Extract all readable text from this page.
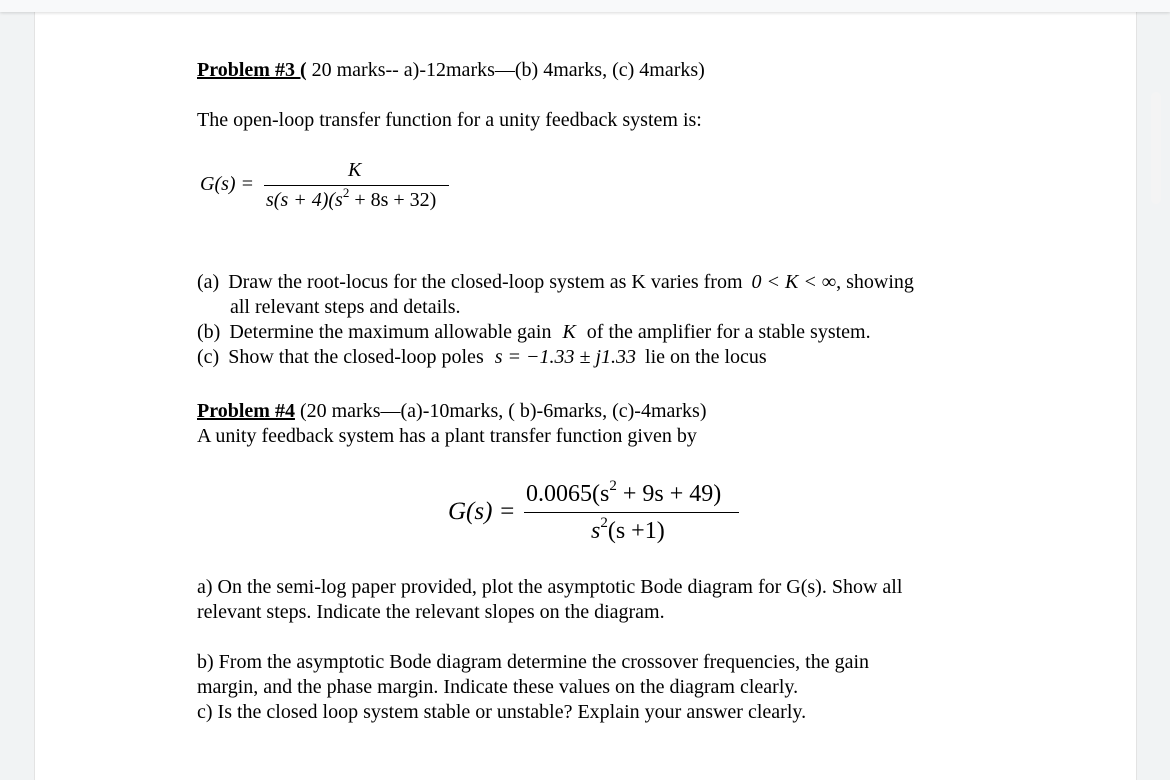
Problem #3 ( 20 marks-- a)-12marks—(b) 4marks, (c) 4marks)
The open-loop transfer function for a unity feedback system is:
G(s) =
K
$s(s + 4)(s^2 + 8s + 32)$
(a) Draw the root-locus for the closed-loop system as K varies from 0 < K < ∞, showing
all relevant steps and details.
(b) Determine the maximum allowable gain K of the amplifier for a stable system.
(c) Show that the closed-loop poles s = −1.33 ± j1.33 lie on the locus
Problem #4 (20 marks—(a)-10marks, ( b)-6marks, (c)-4marks)
A unity feedback system has a plant transfer function given by
G(s) =
$0.0065(s^2 + 9s + 49)$
$s^2(s +1)$
a) On the semi-log paper provided, plot the asymptotic Bode diagram for G(s). Show all
relevant steps. Indicate the relevant slopes on the diagram.
b) From the asymptotic Bode diagram determine the crossover frequencies, the gain
margin, and the phase margin. Indicate these values on the diagram clearly.
c) Is the closed loop system stable or unstable? Explain your answer clearly.
